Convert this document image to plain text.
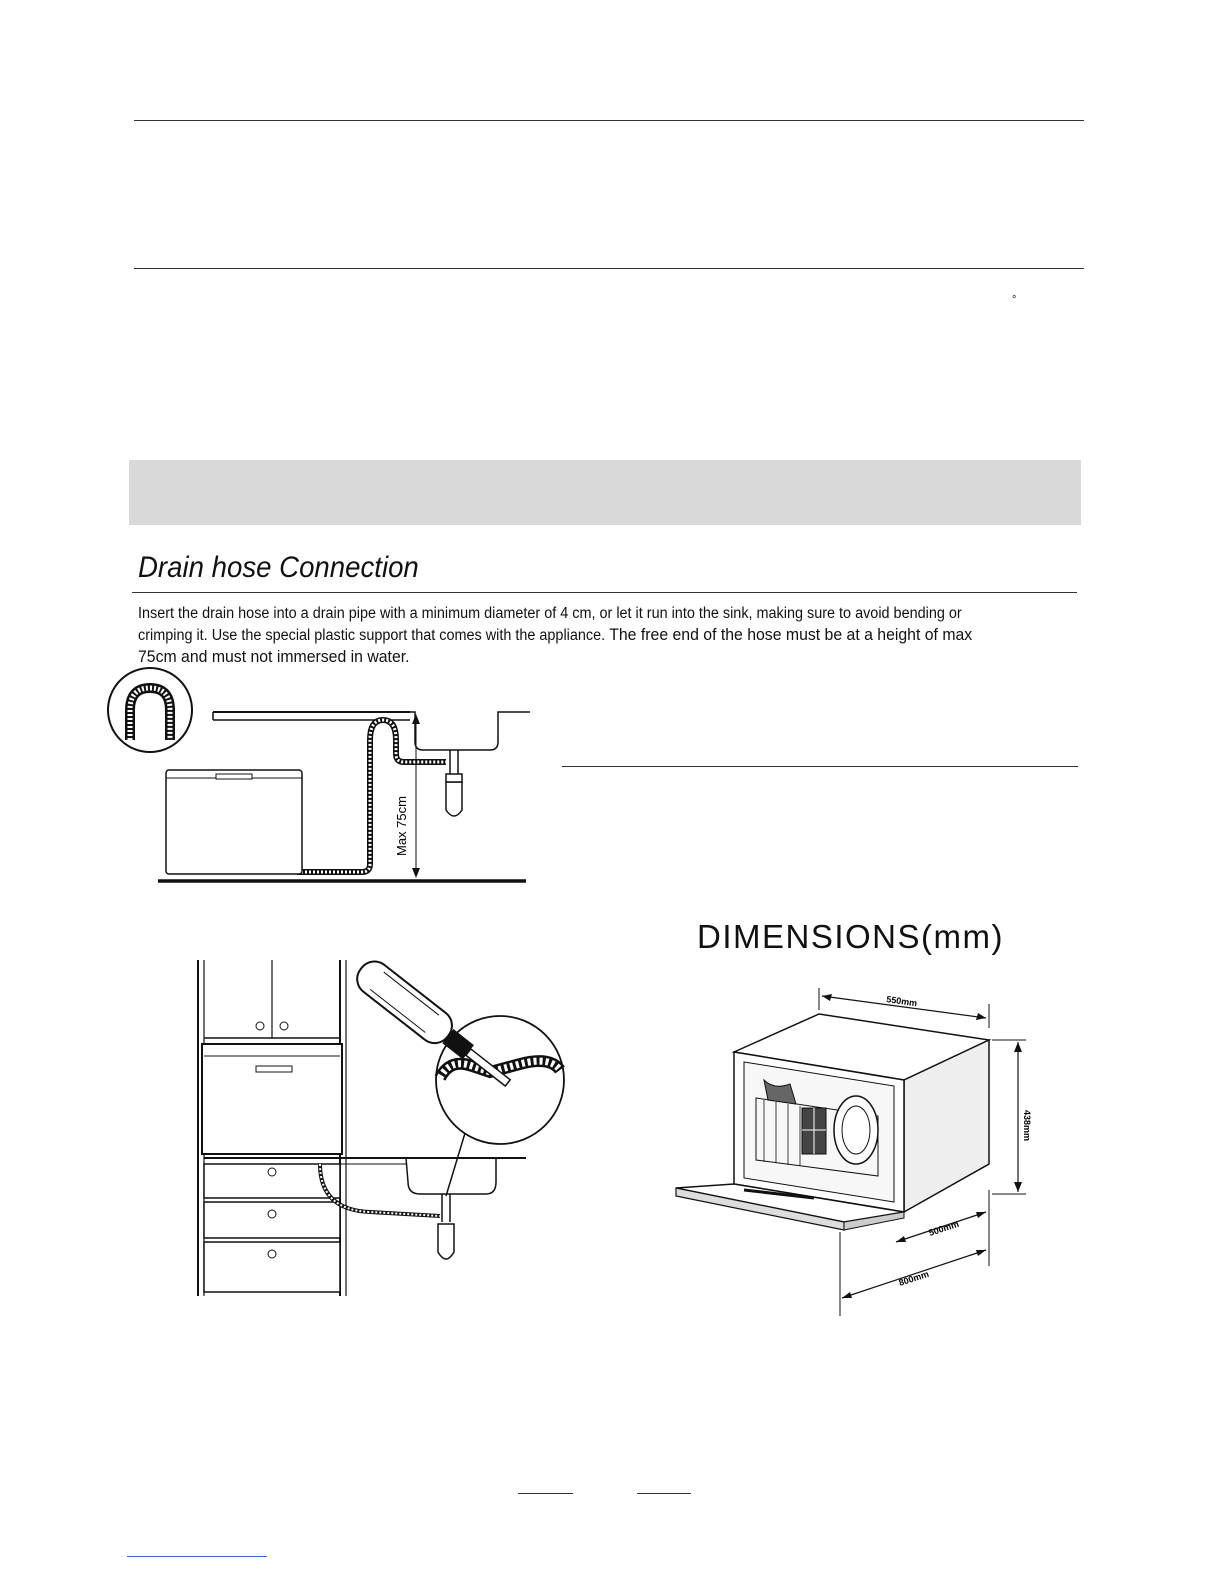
°
Drain hose Connection
Insert the drain hose into a drain pipe with a minimum diameter of 4 cm, or let it run into the sink, making sure to avoid bending or crimping it. Use the special plastic support that comes with the appliance. The free end of the hose must be at a height of max 75cm and must not immersed in water.
Max 75cm
DIMENSIONS(mm)
550mm
438mm
500mm
800mm
